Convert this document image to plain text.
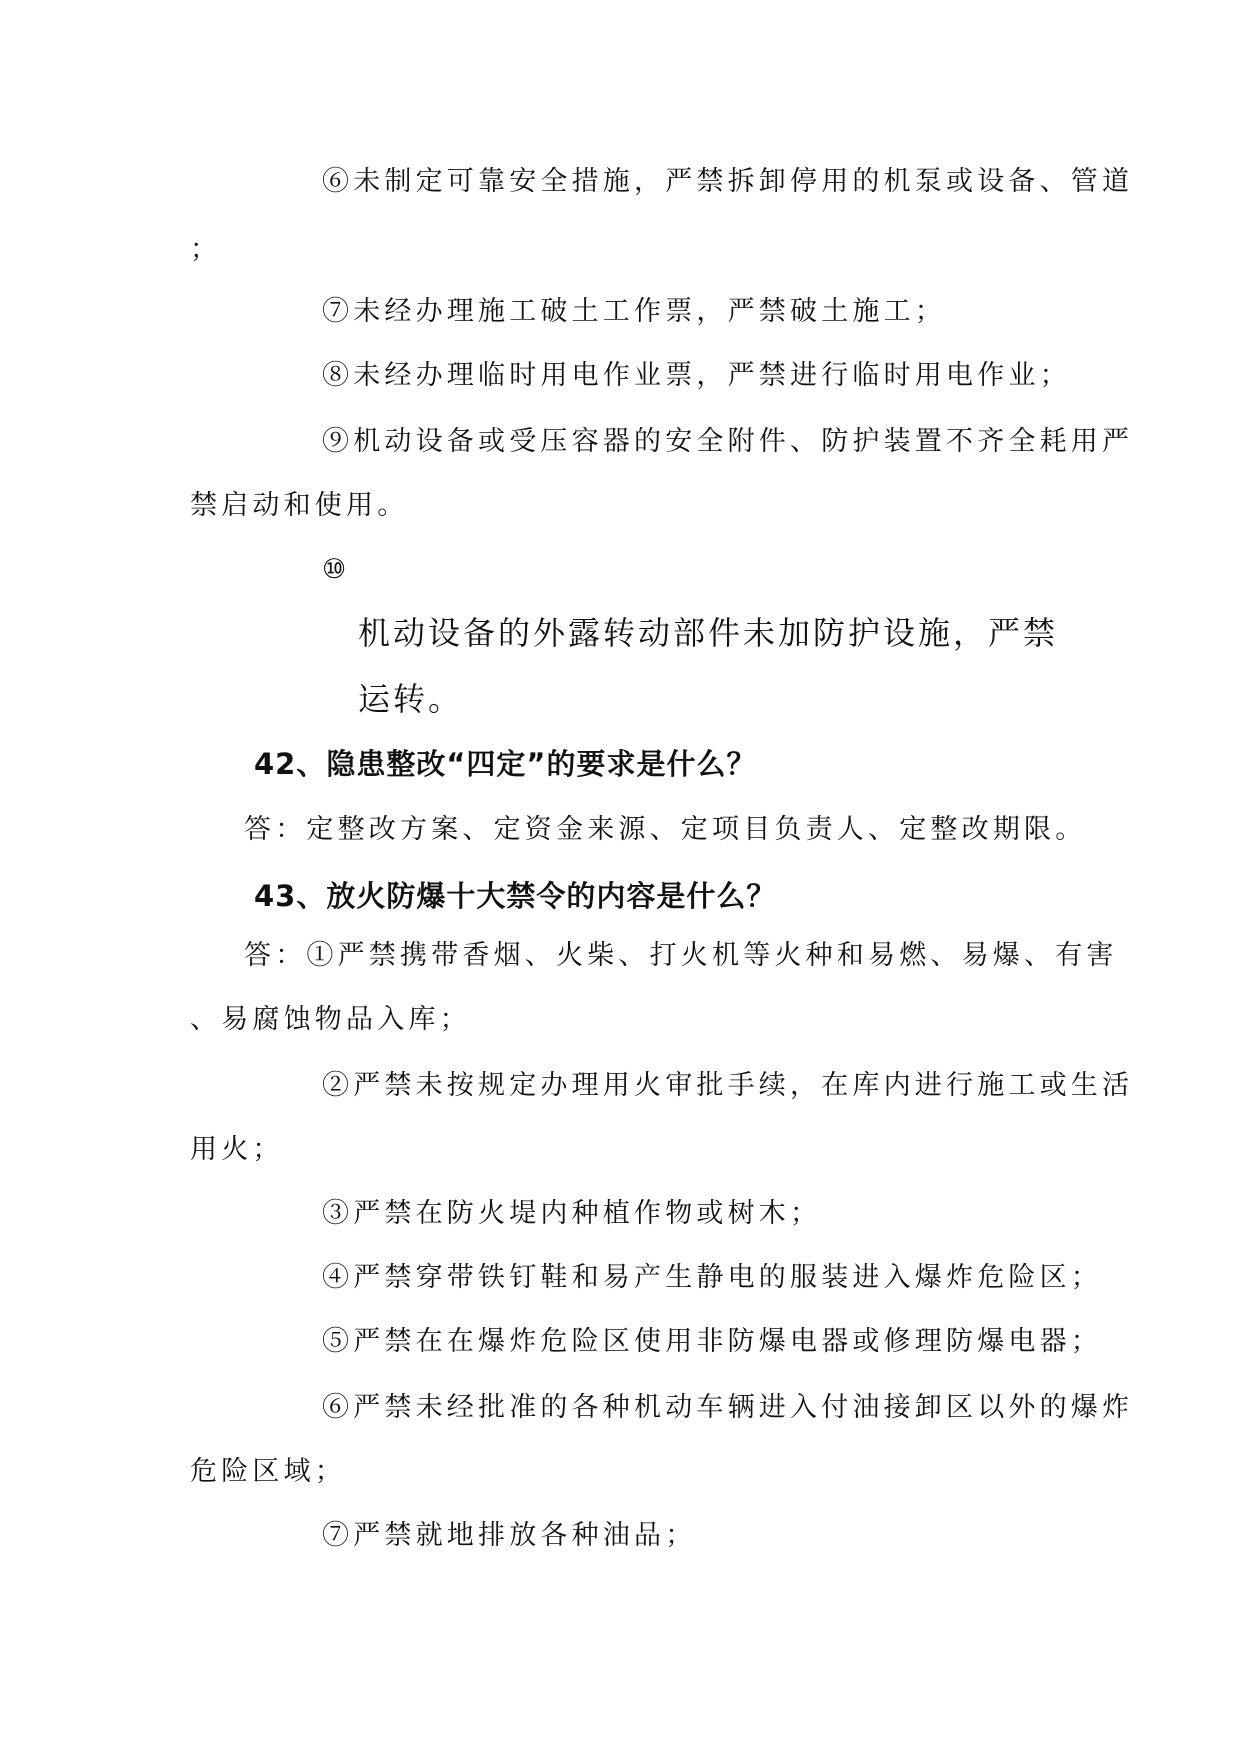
⑥未制定可靠安全措施，严禁拆卸停用的机泵或设备、管道

；

⑦未经办理施工破土工作票，严禁破土施工；

⑧未经办理临时用电作业票，严禁进行临时用电作业；

⑨机动设备或受压容器的安全附件、防护装置不齐全耗用严

禁启动和使用。

⑩

机动设备的外露转动部件未加防护设施，严禁

运转。

42、隐患整改“四定”的要求是什么？

答：定整改方案、定资金来源、定项目负责人、定整改期限。

43、放火防爆十大禁令的内容是什么？

答：①严禁携带香烟、火柴、打火机等火种和易燃、易爆、有害

、易腐蚀物品入库；

②严禁未按规定办理用火审批手续，在库内进行施工或生活

用火；

③严禁在防火堤内种植作物或树木；

④严禁穿带铁钉鞋和易产生静电的服装进入爆炸危险区；

⑤严禁在在爆炸危险区使用非防爆电器或修理防爆电器；

⑥严禁未经批准的各种机动车辆进入付油接卸区以外的爆炸

危险区域；

⑦严禁就地排放各种油品；
